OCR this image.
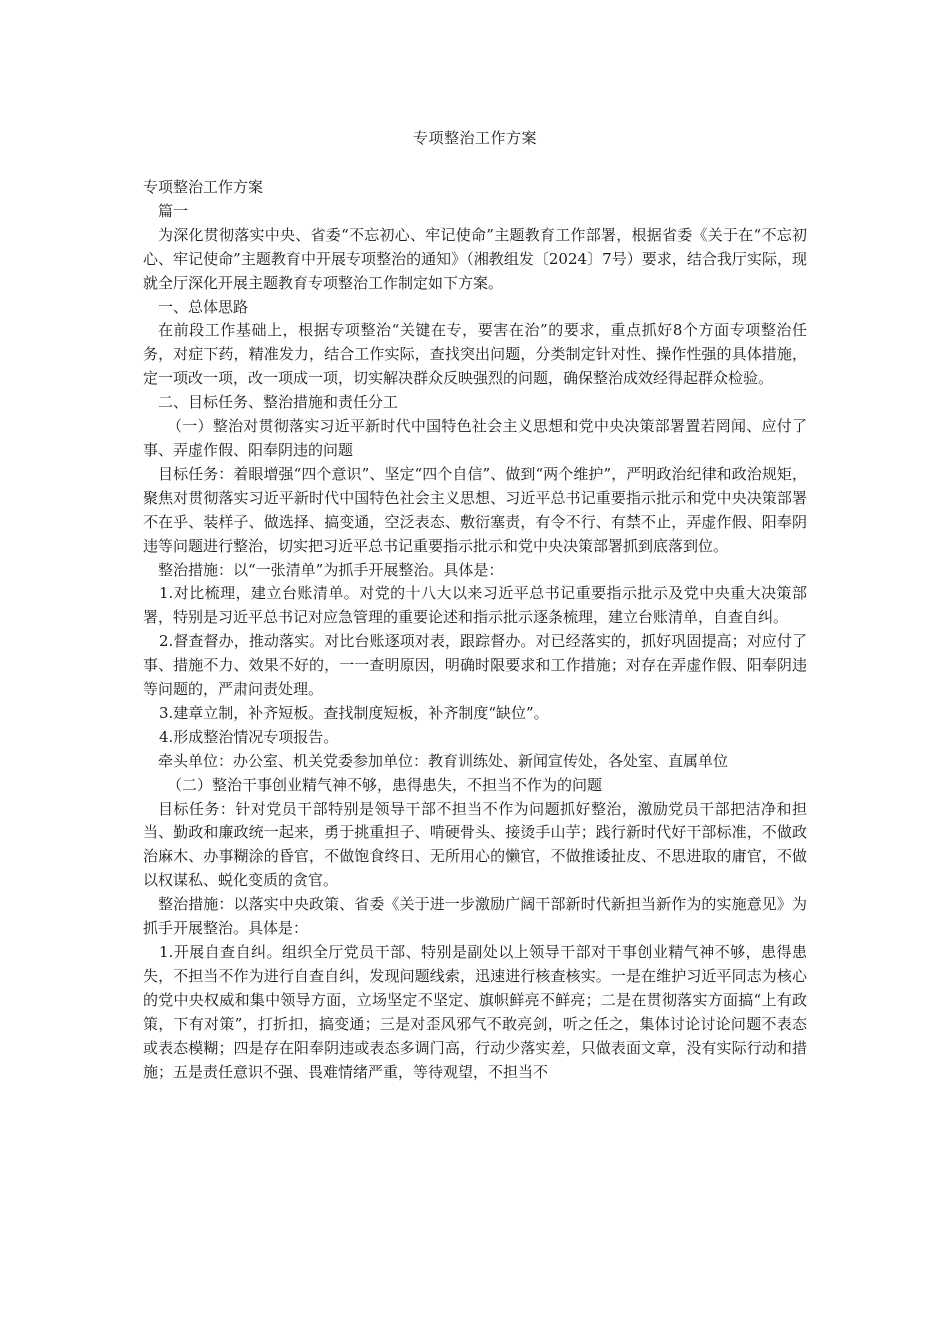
专项整治工作方案

专项整治工作方案

篇一

为深化贯彻落实中央、省委“不忘初心、牢记使命”主题教育工作部署，根据省委《关于在“不忘初心、牢记使命”主题教育中开展专项整治的通知》（湘教组发〔2024〕7号）要求，结合我厅实际，现就全厅深化开展主题教育专项整治工作制定如下方案。

一、总体思路

在前段工作基础上，根据专项整治“关键在专，要害在治”的要求，重点抓好8个方面专项整治任务，对症下药，精准发力，结合工作实际，查找突出问题，分类制定针对性、操作性强的具体措施，定一项改一项，改一项成一项，切实解决群众反映强烈的问题，确保整治成效经得起群众检验。

二、目标任务、整治措施和责任分工

（一）整治对贯彻落实习近平新时代中国特色社会主义思想和党中央决策部署置若罔闻、应付了事、弄虚作假、阳奉阴违的问题

目标任务：着眼增强“四个意识”、坚定“四个自信”、做到“两个维护”，严明政治纪律和政治规矩，聚焦对贯彻落实习近平新时代中国特色社会主义思想、习近平总书记重要指示批示和党中央决策部署不在乎、装样子、做选择、搞变通，空泛表态、敷衍塞责，有令不行、有禁不止，弄虚作假、阳奉阴违等问题进行整治，切实把习近平总书记重要指示批示和党中央决策部署抓到底落到位。

整治措施：以“一张清单”为抓手开展整治。具体是：

1.对比梳理，建立台账清单。对党的十八大以来习近平总书记重要指示批示及党中央重大决策部署，特别是习近平总书记对应急管理的重要论述和指示批示逐条梳理，建立台账清单，自查自纠。

2.督查督办，推动落实。对比台账逐项对表，跟踪督办。对已经落实的，抓好巩固提高；对应付了事、措施不力、效果不好的，一一查明原因，明确时限要求和工作措施；对存在弄虚作假、阳奉阴违等问题的，严肃问责处理。

3.建章立制，补齐短板。查找制度短板，补齐制度“缺位”。

4.形成整治情况专项报告。

牵头单位：办公室、机关党委参加单位：教育训练处、新闻宣传处，各处室、直属单位

（二）整治干事创业精气神不够，患得患失，不担当不作为的问题

目标任务：针对党员干部特别是领导干部不担当不作为问题抓好整治，激励党员干部把洁净和担当、勤政和廉政统一起来，勇于挑重担子、啃硬骨头、接烫手山芋；践行新时代好干部标准，不做政治麻木、办事糊涂的昏官，不做饱食终日、无所用心的懒官，不做推诿扯皮、不思进取的庸官，不做以权谋私、蜕化变质的贪官。

整治措施：以落实中央政策、省委《关于进一步激励广阔干部新时代新担当新作为的实施意见》为抓手开展整治。具体是：

1.开展自查自纠。组织全厅党员干部、特别是副处以上领导干部对干事创业精气神不够，患得患失，不担当不作为进行自查自纠，发现问题线索，迅速进行核查核实。一是在维护习近平同志为核心的党中央权威和集中领导方面，立场坚定不坚定、旗帜鲜亮不鲜亮；二是在贯彻落实方面搞“上有政策，下有对策”，打折扣，搞变通；三是对歪风邪气不敢亮剑，听之任之，集体讨论讨论问题不表态或表态模糊；四是存在阳奉阴违或表态多调门高，行动少落实差，只做表面文章，没有实际行动和措施；五是责任意识不强、畏难情绪严重，等待观望，不担当不
